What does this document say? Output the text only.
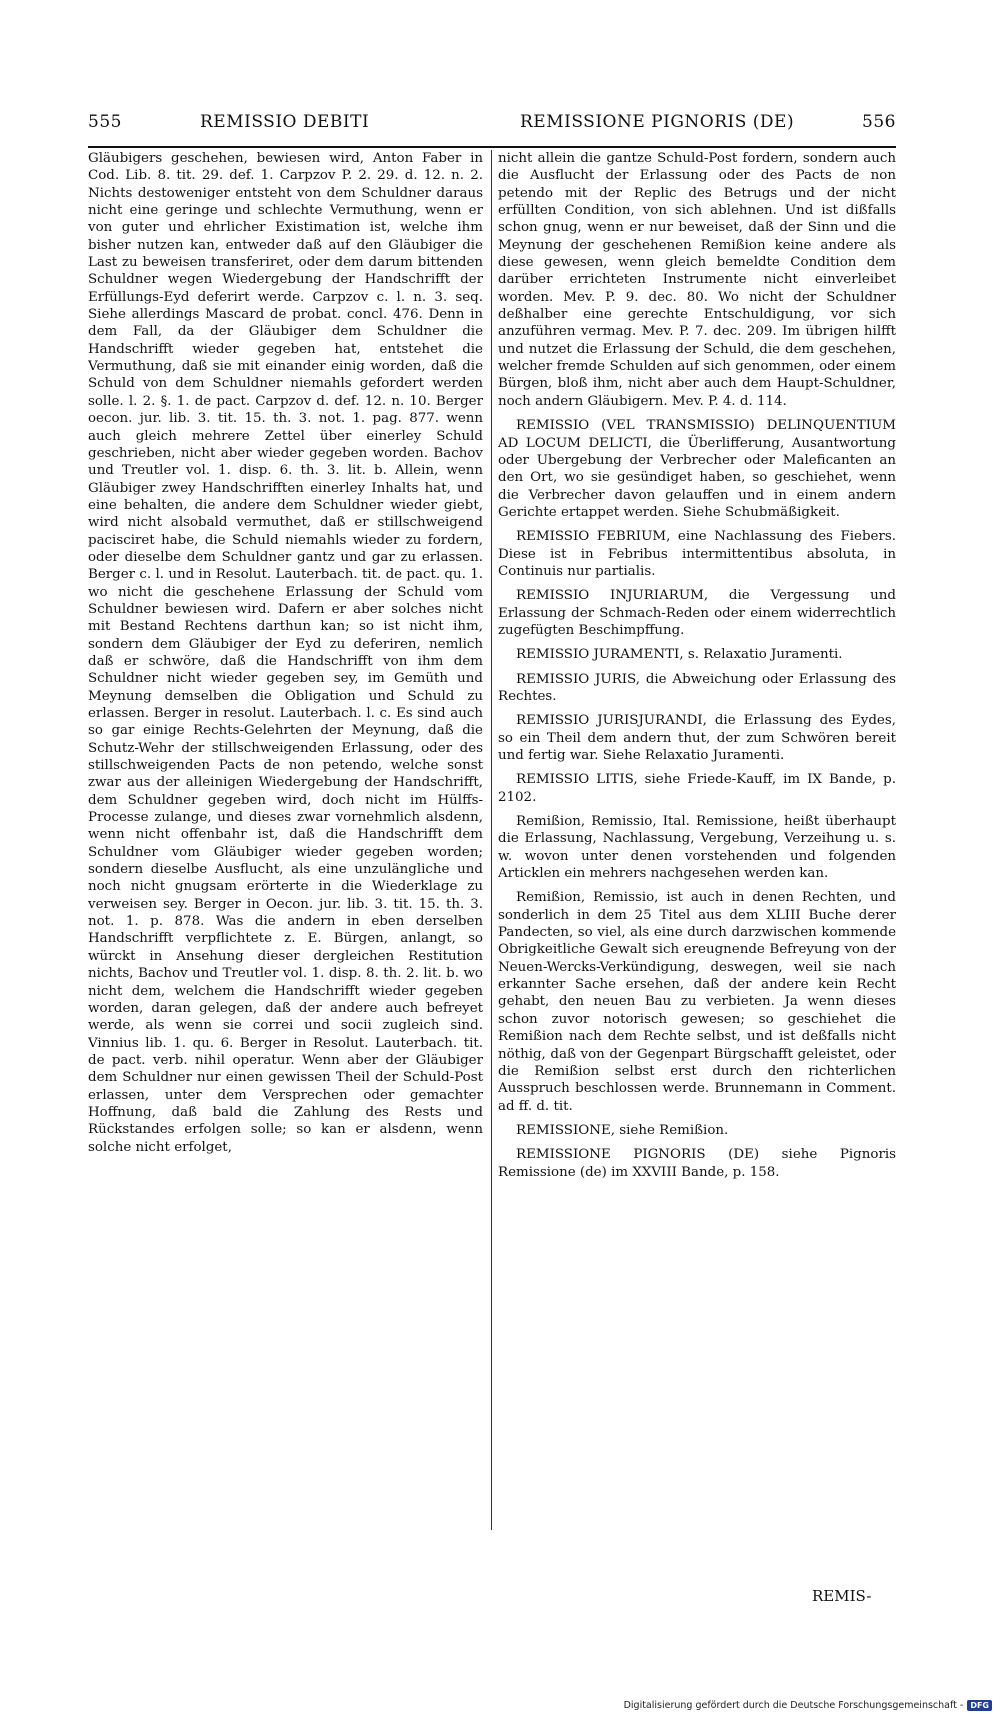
555	REMISSIO DEBITI	REMISSIONE PIGNORIS (DE)	556

Gläubigers geschehen, bewiesen wird, Anton Faber in Cod. Lib. 8. tit. 29. def. 1. Carpzov P. 2. 29. d. 12. n. 2. Nichts destoweniger entsteht von dem Schuldner daraus nicht eine geringe und schlechte Vermuthung, wenn er von guter und ehrlicher Existimation ist, welche ihm bisher nutzen kan, entweder daß auf den Gläubiger die Last zu beweisen transferiret, oder dem darum bittenden Schuldner wegen Wiedergebung der Handschrifft der Erfüllungs-Eyd deferirt werde. Carpzov c. l. n. 3. seq. Siehe allerdings Mascard de probat. concl. 476. Denn in dem Fall, da der Gläubiger dem Schuldner die Handschrifft wieder gegeben hat, entstehet die Vermuthung, daß sie mit einander einig worden, daß die Schuld von dem Schuldner niemahls gefordert werden solle. l. 2. §. 1. de pact. Carpzov d. def. 12. n. 10. Berger oecon. jur. lib. 3. tit. 15. th. 3. not. 1. pag. 877. wenn auch gleich mehrere Zettel über einerley Schuld geschrieben, nicht aber wieder gegeben worden. Bachov und Treutler vol. 1. disp. 6. th. 3. lit. b. Allein, wenn Gläubiger zwey Handschrifften einerley Inhalts hat, und eine behalten, die andere dem Schuldner wieder giebt, wird nicht alsobald vermuthet, daß er stillschweigend pacisciret habe, die Schuld niemahls wieder zu fordern, oder dieselbe dem Schuldner gantz und gar zu erlassen. Berger c. l. und in Resolut. Lauterbach. tit. de pact. qu. 1. wo nicht die geschehene Erlassung der Schuld vom Schuldner bewiesen wird. Dafern er aber solches nicht mit Bestand Rechtens darthun kan; so ist nicht ihm, sondern dem Gläubiger der Eyd zu deferiren, nemlich daß er schwöre, daß die Handschrifft von ihm dem Schuldner nicht wieder gegeben sey, im Gemüth und Meynung demselben die Obligation und Schuld zu erlassen. Berger in resolut. Lauterbach. l. c. Es sind auch so gar einige Rechts-Gelehrten der Meynung, daß die Schutz-Wehr der stillschweigenden Erlassung, oder des stillschweigenden Pacts de non petendo, welche sonst zwar aus der alleinigen Wiedergebung der Handschrifft, dem Schuldner gegeben wird, doch nicht im Hülffs-Processe zulange, und dieses zwar vornehmlich alsdenn, wenn nicht offenbahr ist, daß die Handschrifft dem Schuldner vom Gläubiger wieder gegeben worden; sondern dieselbe Ausflucht, als eine unzulängliche und noch nicht gnugsam erörterte in die Wiederklage zu verweisen sey. Berger in Oecon. jur. lib. 3. tit. 15. th. 3. not. 1. p. 878. Was die andern in eben derselben Handschrifft verpflichtete z. E. Bürgen, anlangt, so würckt in Ansehung dieser dergleichen Restitution nichts, Bachov und Treutler vol. 1. disp. 8. th. 2. lit. b. wo nicht dem, welchem die Handschrifft wieder gegeben worden, daran gelegen, daß der andere auch befreyet werde, als wenn sie correi und socii zugleich sind. Vinnius lib. 1. qu. 6. Berger in Resolut. Lauterbach. tit. de pact. verb. nihil operatur. Wenn aber der Gläubiger dem Schuldner nur einen gewissen Theil der Schuld-Post erlassen, unter dem Versprechen oder gemachter Hoffnung, daß bald die Zahlung des Rests und Rückstandes erfolgen solle; so kan er alsdenn, wenn solche nicht erfolget,

nicht allein die gantze Schuld-Post fordern, sondern auch die Ausflucht der Erlassung oder des Pacts de non petendo mit der Replic des Betrugs und der nicht erfüllten Condition, von sich ablehnen. Und ist dißfalls schon gnug, wenn er nur beweiset, daß der Sinn und die Meynung der geschehenen Remißion keine andere als diese gewesen, wenn gleich bemeldte Condition dem darüber errichteten Instrumente nicht einverleibet worden. Mev. P. 9. dec. 80. Wo nicht der Schuldner deßhalber eine gerechte Entschuldigung, vor sich anzuführen vermag. Mev. P. 7. dec. 209. Im übrigen hilfft und nutzet die Erlassung der Schuld, die dem geschehen, welcher fremde Schulden auf sich genommen, oder einem Bürgen, bloß ihm, nicht aber auch dem Haupt-Schuldner, noch andern Gläubigern. Mev. P. 4. d. 114.

REMISSIO (VEL TRANSMISSIO) DELINQUENTIUM AD LOCUM DELICTI, die Überlifferung, Ausantwortung oder Ubergebung der Verbrecher oder Maleficanten an den Ort, wo sie gesündiget haben, so geschiehet, wenn die Verbrecher davon gelauffen und in einem andern Gerichte ertappet werden. Siehe Schubmäßigkeit.

REMISSIO FEBRIUM, eine Nachlassung des Fiebers. Diese ist in Febribus intermittentibus absoluta, in Continuis nur partialis.

REMISSIO INJURIARUM, die Vergessung und Erlassung der Schmach-Reden oder einem widerrechtlich zugefügten Beschimpffung.

REMISSIO JURAMENTI, s. Relaxatio Juramenti.

REMISSIO JURIS, die Abweichung oder Erlassung des Rechtes.

REMISSIO JURISJURANDI, die Erlassung des Eydes, so ein Theil dem andern thut, der zum Schwören bereit und fertig war. Siehe Relaxatio Juramenti.

REMISSIO LITIS, siehe Friede-Kauff, im IX Bande, p. 2102.

Remißion, Remissio, Ital. Remissione, heißt überhaupt die Erlassung, Nachlassung, Vergebung, Verzeihung u. s. w. wovon unter denen vorstehenden und folgenden Articklen ein mehrers nachgesehen werden kan.

Remißion, Remissio, ist auch in denen Rechten, und sonderlich in dem 25 Titel aus dem XLIII Buche derer Pandecten, so viel, als eine durch darzwischen kommende Obrigkeitliche Gewalt sich ereugnende Befreyung von der Neuen-Wercks-Verkündigung, deswegen, weil sie nach erkannter Sache ersehen, daß der andere kein Recht gehabt, den neuen Bau zu verbieten. Ja wenn dieses schon zuvor notorisch gewesen; so geschiehet die Remißion nach dem Rechte selbst, und ist deßfalls nicht nöthig, daß von der Gegenpart Bürgschafft geleistet, oder die Remißion selbst erst durch den richterlichen Ausspruch beschlossen werde. Brunnemann in Comment. ad ff. d. tit.

REMISSIONE, siehe Remißion.

REMISSIONE PIGNORIS (DE) siehe Pignoris Remissione (de) im XXVIII Bande, p. 158.

REMIS-
Digitalisierung gefördert durch die Deutsche Forschungsgemeinschaft - DFG
